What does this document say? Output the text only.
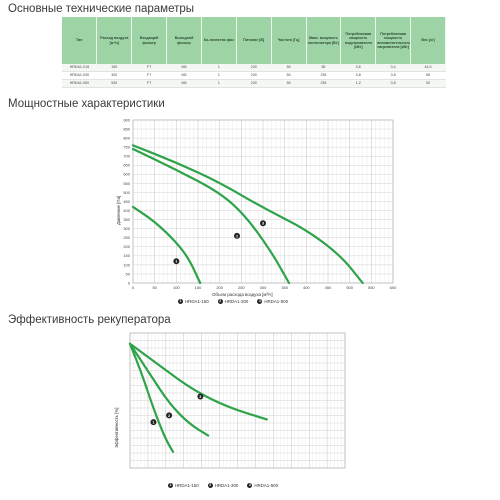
Основные технические параметры
Тип	Расход воздуха [м³/ч]	Входящий фильтр	Выходной фильтр	Ко-личество фаз	Питание [В]	Частота [Гц]	Макс. мощность вентилятора [Вт]	Потребляемая мощность подогревателя [кВт]	Потребляемая мощность вспомогательного нагревателя [кВт]	Вес [кг]
HRDA1-015	150	F7	M5	1	230	50	55	0,6	0,4	44,5
HRDA1-030	300	F7	M5	1	230	50	235	0,8	0,8	58
HRDA1-050	530	F7	M5	1	230	50	235	1,2	0,8	92
Мощностные характеристики
Эффективность рекуператора
0	50	100	150	200	250	300	350	400	450	500	550	600
0
50
100
150
200
250
300
350
400
450
500
550
600
650
700
750
800
850
900
1
2
3
1
2
3
Давление [Па]
Объем расхода воздуха [м³/ч]
1 HRDA1-150	2 HRDA1-300	3 HRDA1-500
Эффективность [%]
1 HRDA1-150	2 HRDA1-300	3 HRDA1-500
